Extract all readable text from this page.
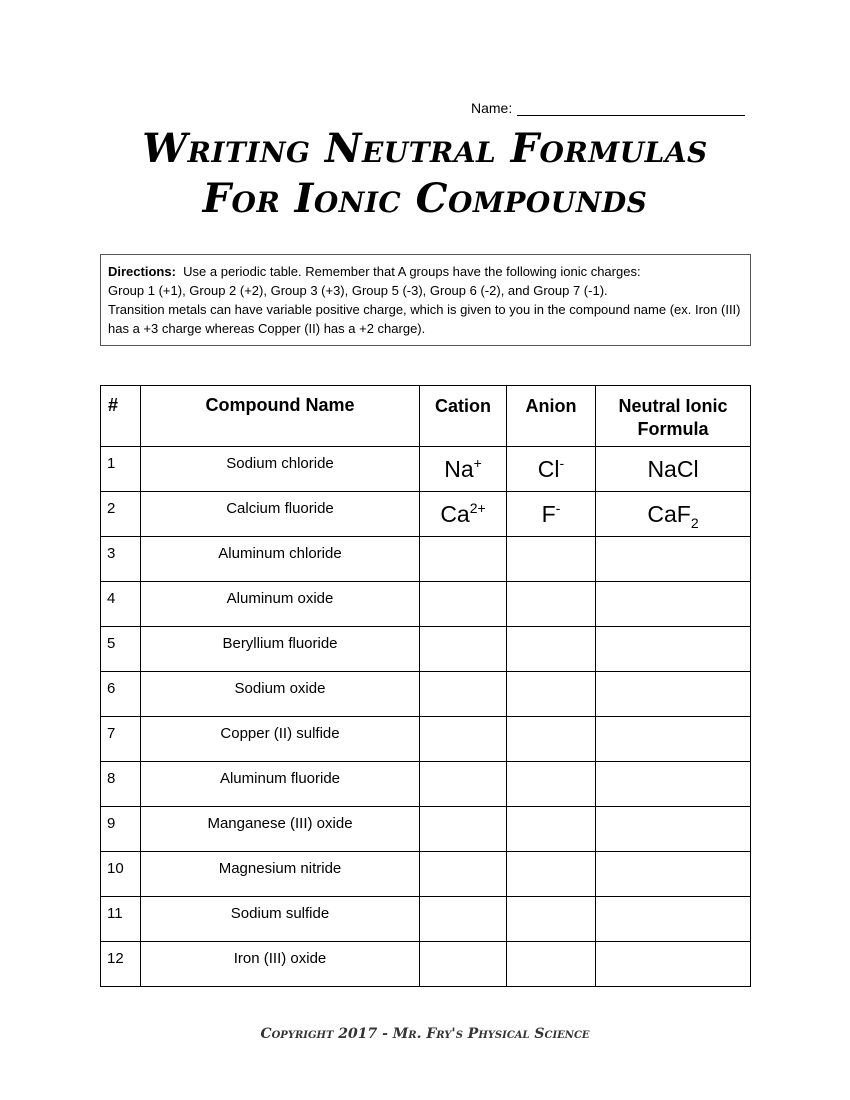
Name:
Writing Neutral Formulas
For Ionic Compounds

Directions: Use a periodic table. Remember that A groups have the following ionic charges:

Group 1 (+1), Group 2 (+2), Group 3 (+3), Group 5 (-3), Group 6 (-2), and Group 7 (-1).

Transition metals can have variable positive charge, which is given to you in the compound name (ex. Iron (III) has a +3 charge whereas Copper (II) has a +2 charge).

#	Compound Name	Cation	Anion	Neutral Ionic Formula
1	Sodium chloride	Na+	Cl-	NaCl
2	Calcium fluoride	$Ca^{2+}$	F-	CaF$_2$
3	Aluminum chloride			
4	Aluminum oxide			
5	Beryllium fluoride			
6	Sodium oxide			
7	Copper (II) sulfide			
8	Aluminum fluoride			
9	Manganese (III) oxide			
10	Magnesium nitride			
11	Sodium sulfide			
12	Iron (III) oxide			
Copyright 2017 - Mr. Fry's Physical Science
